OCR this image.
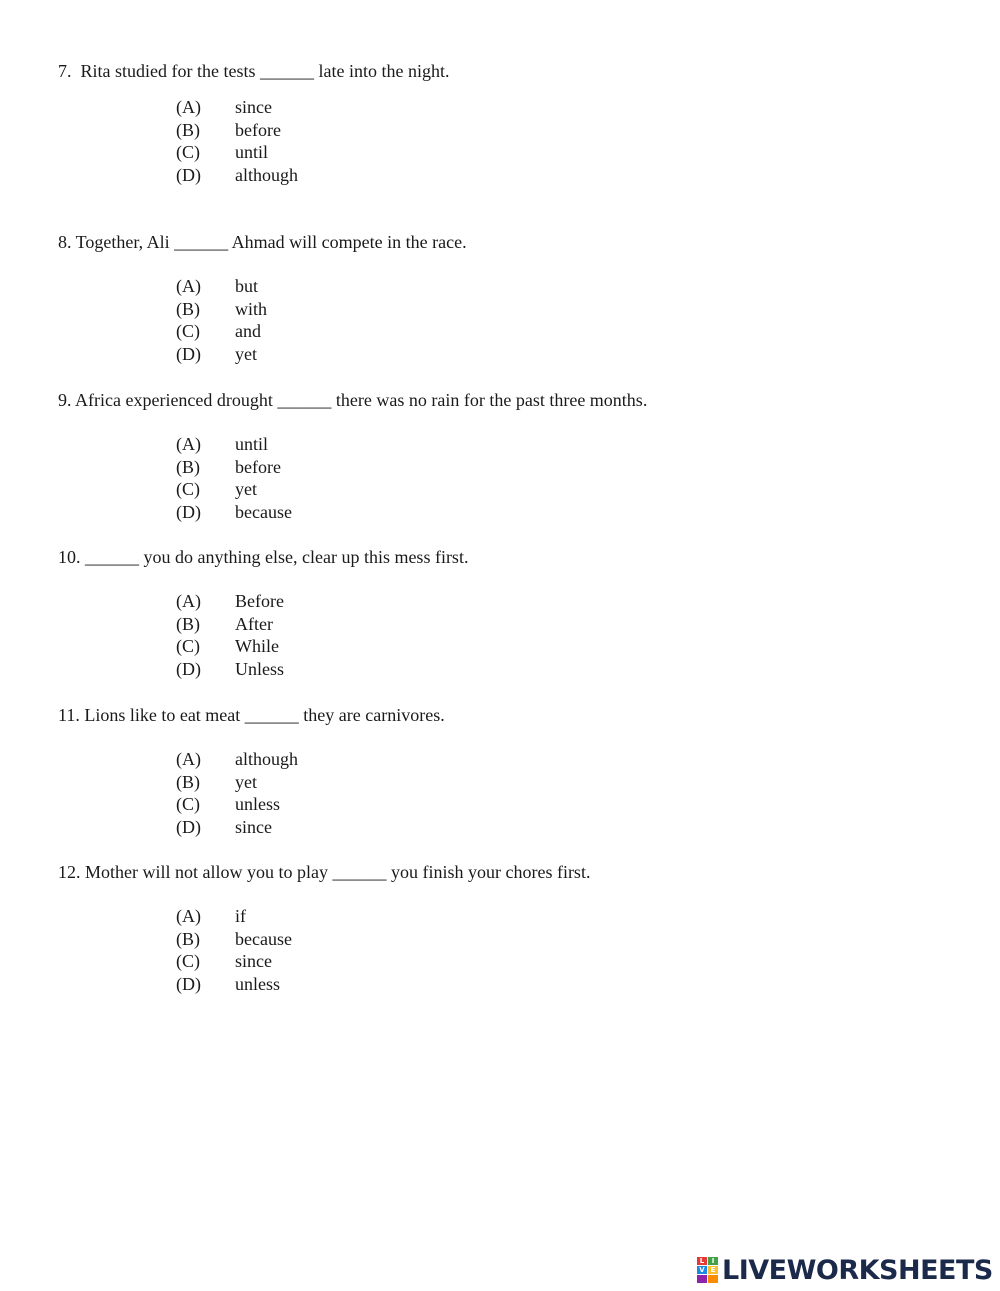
7.  Rita studied for the tests ______ late into the night.
(A)	since
(B)	before
(C)	until
(D)	although
8. Together, Ali ______ Ahmad will compete in the race.
(A)	but
(B)	with
(C)	and
(D)	yet
9. Africa experienced drought ______ there was no rain for the past three months.
(A)	until
(B)	before
(C)	yet
(D)	because
10. ______ you do anything else, clear up this mess first.
(A)	Before
(B)	After
(C)	While
(D)	Unless
11. Lions like to eat meat ______ they are carnivores.
(A)	although
(B)	yet
(C)	unless
(D)	since
12. Mother will not allow you to play ______ you finish your chores first.
(A)	if
(B)	because
(C)	since
(D)	unless
L	I
V E LIVEWORKSHEETS
